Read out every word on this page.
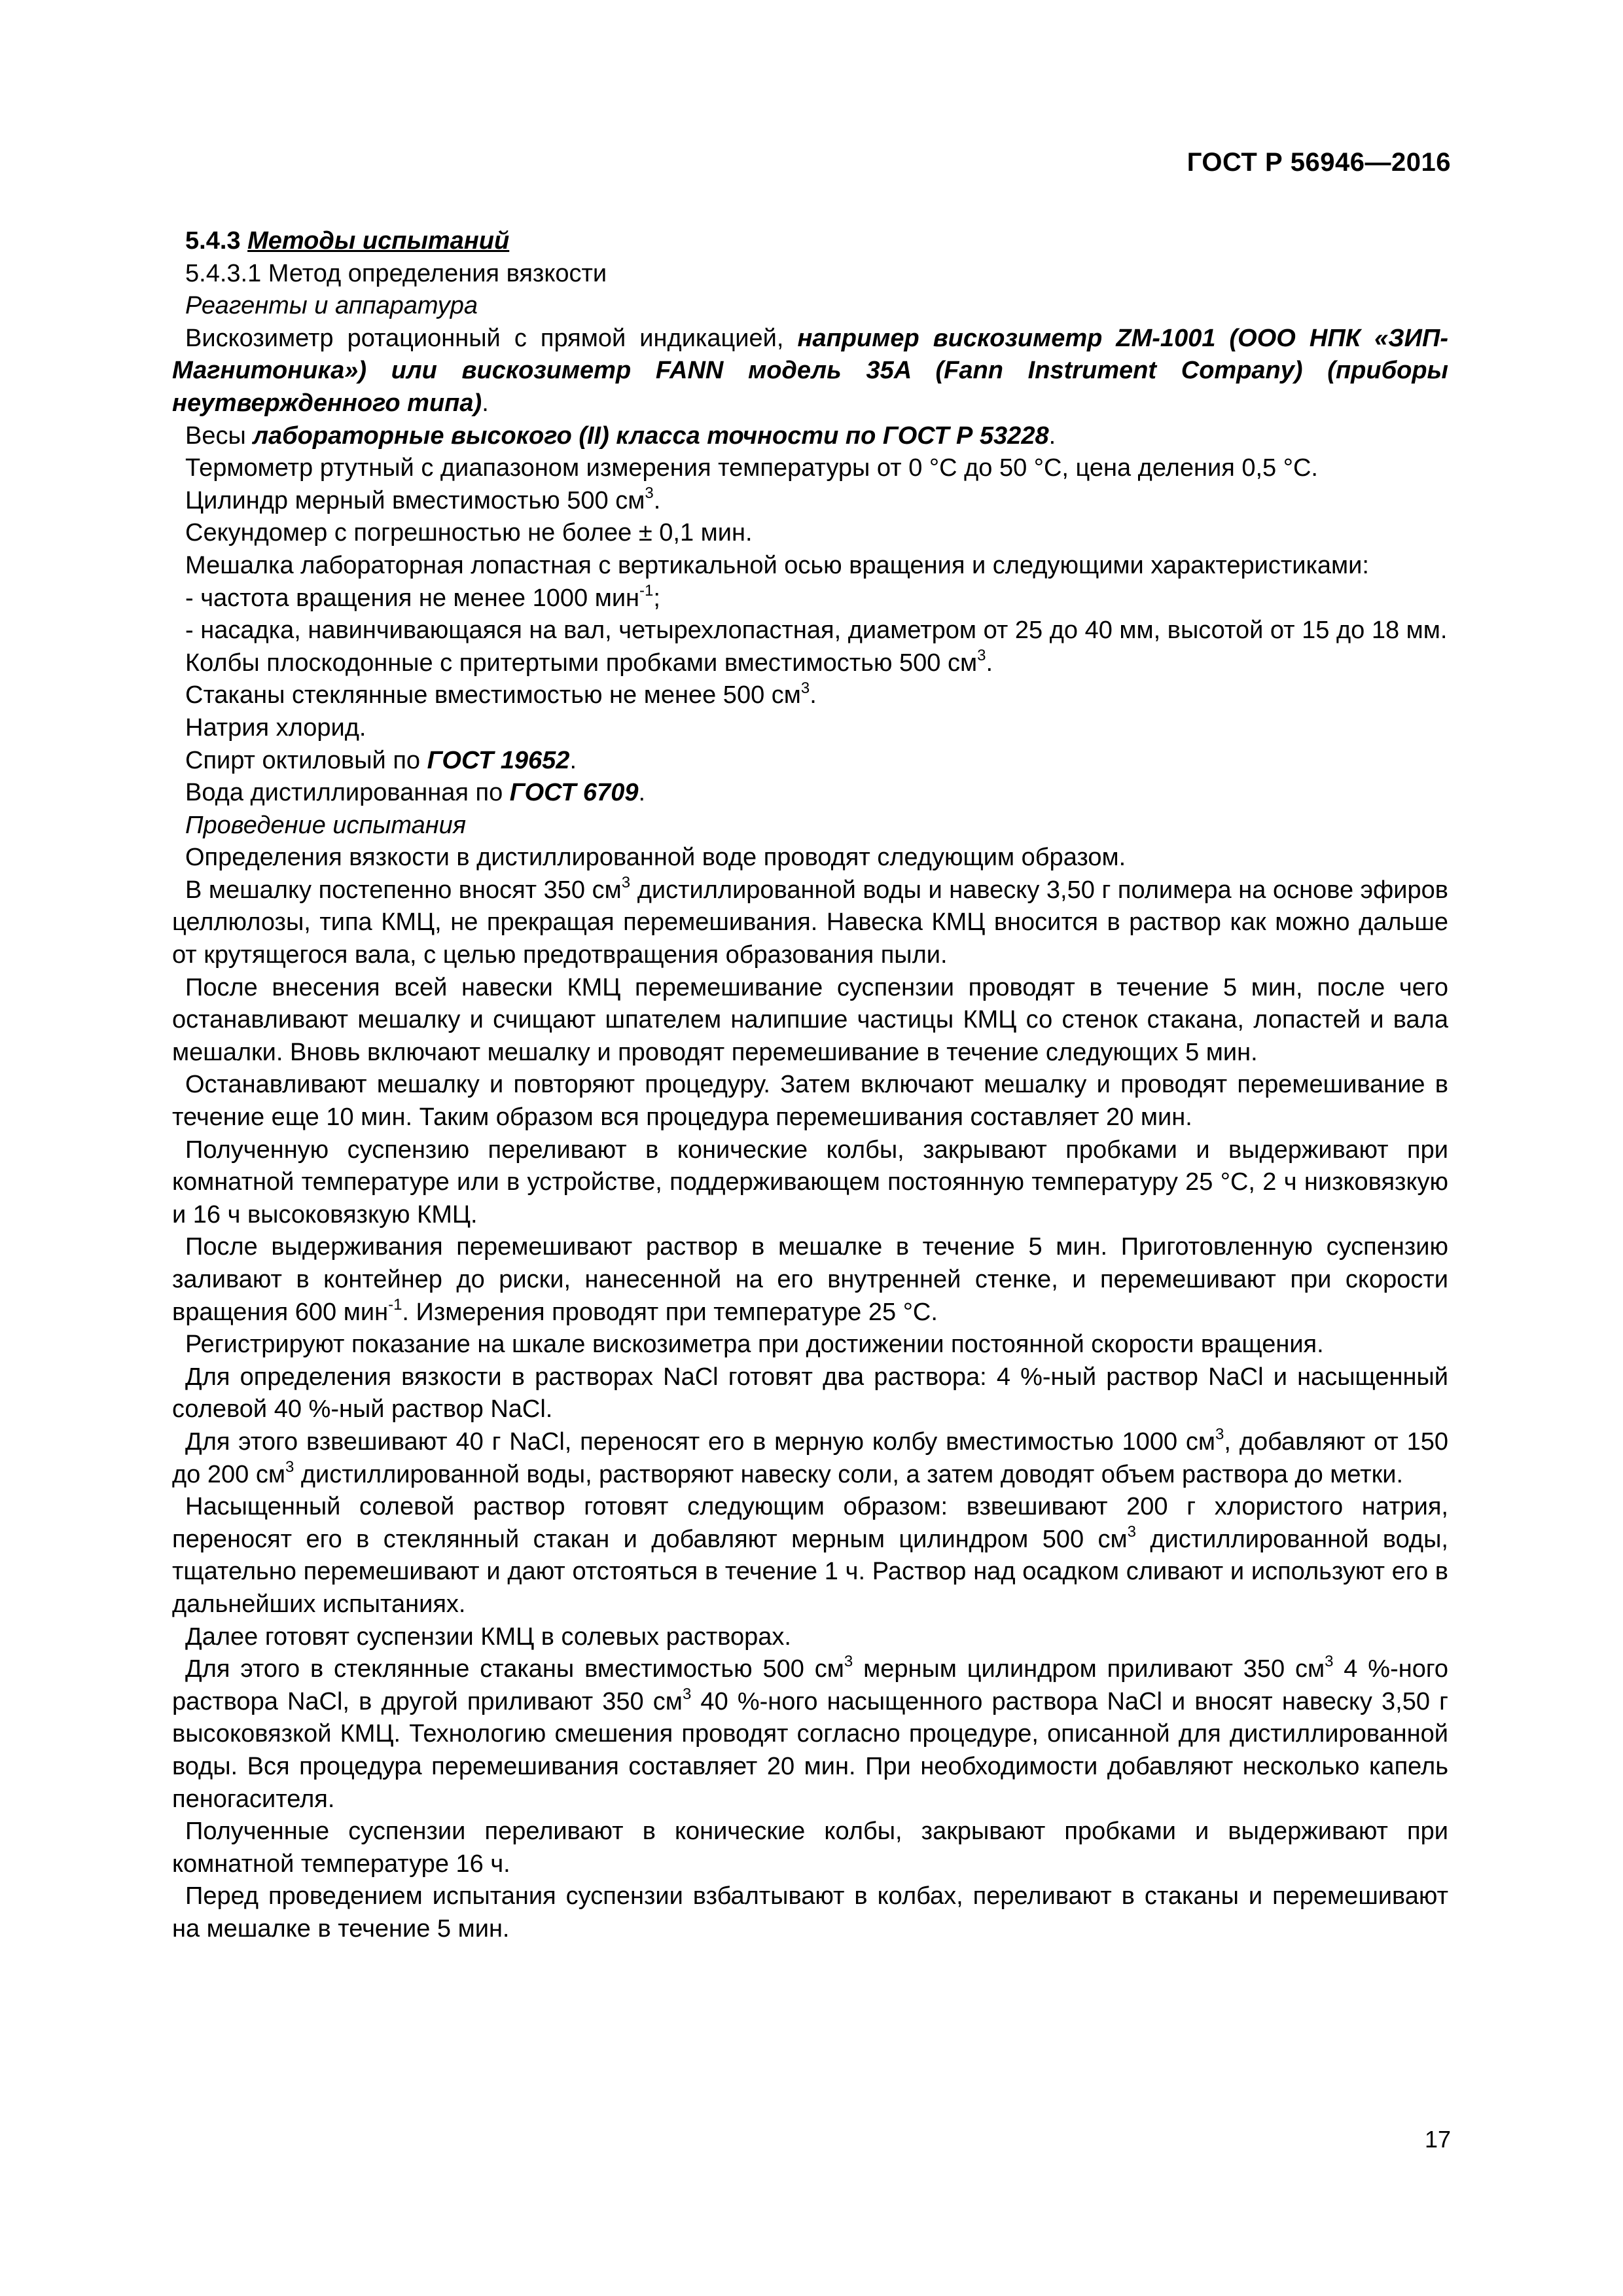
ГОСТ Р 56946—2016

5.4.3 Методы испытаний

5.4.3.1 Метод определения вязкости

Реагенты и аппаратура

Вискозиметр ротационный с прямой индикацией, например вискозиметр ZM-1001 (ООО НПК «ЗИП-Магнитоника») или вискозиметр FANN модель 35A (Fann Instrument Company) (приборы неутвержденного типа).

Весы лабораторные высокого (II) класса точности по ГОСТ Р 53228.

Термометр ртутный с диапазоном измерения температуры от 0 °С до 50 °С, цена деления 0,5 °С.

Цилиндр мерный вместимостью 500 $см^3$.

Секундомер с погрешностью не более ± 0,1 мин.

Мешалка лабораторная лопастная с вертикальной осью вращения и следующими характеристиками:

- частота вращения не менее 1000 мин$^{-1}$;

- насадка, навинчивающаяся на вал, четырехлопастная, диаметром от 25 до 40 мм, высотой от 15 до 18 мм.

Колбы плоскодонные с притертыми пробками вместимостью 500 $см^3$.

Стаканы стеклянные вместимостью не менее 500 $см^3$.

Натрия хлорид.

Спирт октиловый по ГОСТ 19652.

Вода дистиллированная по ГОСТ 6709.

Проведение испытания

Определения вязкости в дистиллированной воде проводят следующим образом.

В мешалку постепенно вносят 350 $см^3$ дистиллированной воды и навеску 3,50 г полимера на основе эфиров целлюлозы, типа КМЦ, не прекращая перемешивания. Навеска КМЦ вносится в раствор как можно дальше от крутящегося вала, с целью предотвращения образования пыли.

После внесения всей навески КМЦ перемешивание суспензии проводят в течение 5 мин, после чего останавливают мешалку и счищают шпателем налипшие частицы КМЦ со стенок стакана, лопастей и вала мешалки. Вновь включают мешалку и проводят перемешивание в течение следующих 5 мин.

Останавливают мешалку и повторяют процедуру. Затем включают мешалку и проводят перемешивание в течение еще 10 мин. Таким образом вся процедура перемешивания составляет 20 мин.

Полученную суспензию переливают в конические колбы, закрывают пробками и выдерживают при комнатной температуре или в устройстве, поддерживающем постоянную температуру 25 °С, 2 ч низковязкую и 16 ч высоковязкую КМЦ.

После выдерживания перемешивают раствор в мешалке в течение 5 мин. Приготовленную суспензию заливают в контейнер до риски, нанесенной на его внутренней стенке, и перемешивают при скорости вращения 600 мин$^{-1}$. Измерения проводят при температуре 25 °С.

Регистрируют показание на шкале вискозиметра при достижении постоянной скорости вращения.

Для определения вязкости в растворах NaCl готовят два раствора: 4 %-ный раствор NaCl и насыщенный солевой 40 %-ный раствор NaCl.

Для этого взвешивают 40 г NaCl, переносят его в мерную колбу вместимостью 1000 $см^3$, добавляют от 150 до 200 $см^3$ дистиллированной воды, растворяют навеску соли, а затем доводят объем раствора до метки.

Насыщенный солевой раствор готовят следующим образом: взвешивают 200 г хлористого натрия, переносят его в стеклянный стакан и добавляют мерным цилиндром 500 $см^3$ дистиллированной воды, тщательно перемешивают и дают отстояться в течение 1 ч. Раствор над осадком сливают и используют его в дальнейших испытаниях.

Далее готовят суспензии КМЦ в солевых растворах.

Для этого в стеклянные стаканы вместимостью 500 $см^3$ мерным цилиндром приливают 350 $см^3$ 4 %-ного раствора NaCl, в другой приливают 350 $см^3$ 40 %-ного насыщенного раствора NaCl и вносят навеску 3,50 г высоковязкой КМЦ. Технологию смешения проводят согласно процедуре, описанной для дистиллированной воды. Вся процедура перемешивания составляет 20 мин. При необходимости добавляют несколько капель пеногасителя.

Полученные суспензии переливают в конические колбы, закрывают пробками и выдерживают при комнатной температуре 16 ч.

Перед проведением испытания суспензии взбалтывают в колбах, переливают в стаканы и перемешивают на мешалке в течение 5 мин.

17
